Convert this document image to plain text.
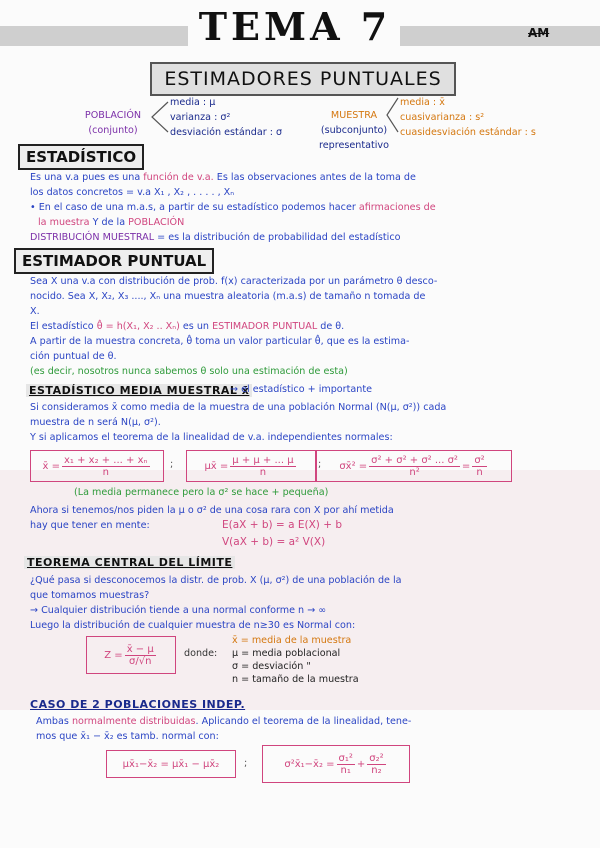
TEMA 7	AM
ESTIMADORES PUNTUALES
POBLACIÓN
(conjunto)
media : μ
varianza : σ²
desviación estándar : σ
MUESTRA
(subconjunto)
representativo
media : x̄
cuasivarianza : s²
cuasidesviación estándar : s
ESTADÍSTICO
Es una v.a pues es una función de v.a. Es las observaciones antes de la toma de
los datos concretos = v.a X₁ , X₂ , . . . . , Xₙ
• En el caso de una m.a.s, a partir de su estadístico podemos hacer afirmaciones de
la muestra Y de la POBLACIÓN
DISTRIBUCIÓN MUESTRAL = es la distribución de probabilidad del estadístico
ESTIMADOR PUNTUAL
Sea X una v.a con distribución de prob. f(x) caracterizada por un parámetro θ desco-
nocido. Sea X, X₂, X₃ ...., Xₙ una muestra aleatoria (m.a.s) de tamaño n tomada de
X.
El estadístico θ̂ = h(X₁, X₂ .. Xₙ) es un ESTIMADOR PUNTUAL de θ.
A partir de la muestra concreta, θ̂ toma un valor particular θ̂, que es la estima-
ción puntual de θ.
(es decir, nosotros nunca sabemos θ solo una estimación de esta)
ESTADÍSTICO MEDIA MUESTRAL x̄
→ el estadístico + importante
Si consideramos x̄ como media de la muestra de una población Normal (N(μ, σ²)) cada
muestra de n será N(μ, σ²).
Y si aplicamos el teorema de la linealidad de v.a. independientes normales:
x̄ = $\frac{\text{x₁ + x₂ + ... + xₙ}}{n}$ ;	μx̄ = $\frac{\mu + \mu + ... \mu}{n}$ ; σx̄² = $\frac{\text{σ² + σ² + σ² ... σ²}}{\text{n²}} = \frac{\text{σ²}}{n}$
(La media permanece pero la σ² se hace + pequeña)
Ahora si tenemos/nos piden la μ o σ² de una cosa rara con X por ahí metida
hay que tener en mente:	E(aX + b) = a E(X) + b
V(aX + b) = a² V(X)
TEOREMA CENTRAL DEL LÍMITE
¿Qué pasa si desconocemos la distr. de prob. X (μ, σ²) de una población de la
que tomamos muestras?
→ Cualquier distribución tiende a una normal conforme n → ∞
Luego la distribución de cualquier muestra de n≥30 es Normal con:
$Z = \frac{x̄ - \mu}{\sigma/√n}$	donde:
x̄ = media de la muestra
μ = media poblacional
σ = desviación "
n = tamaño de la muestra
CASO DE 2 POBLACIONES INDEP.
Ambas normalmente distribuidas. Aplicando el teorema de la linealidad, tene-
mos que x̄₁ − x̄₂ es tamb. normal con:
μx̄₁−x̄₂ = μx̄₁ − μx̄₂	;	σ²x̄₁−x̄₂ = $\frac{\text{σ₁²}}{\text{n₁}} + \frac{\text{σ₂²}}{\text{n₂}}$
